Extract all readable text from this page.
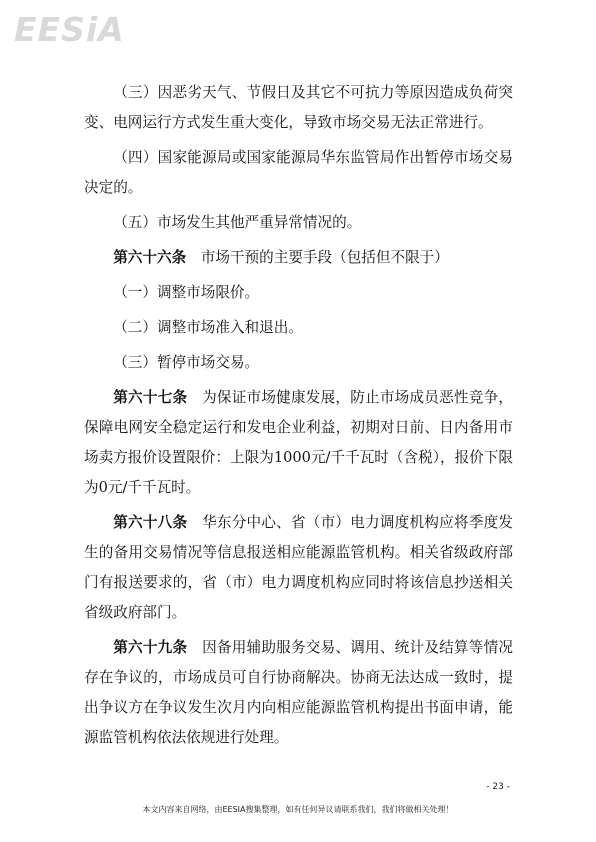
EESiA

（三）因恶劣天气、节假日及其它不可抗力等原因造成负荷突变、电网运行方式发生重大变化，导致市场交易无法正常进行。

（四）国家能源局或国家能源局华东监管局作出暂停市场交易决定的。

（五）市场发生其他严重异常情况的。

第六十六条　市场干预的主要手段（包括但不限于）

（一）调整市场限价。

（二）调整市场准入和退出。

（三）暂停市场交易。

第六十七条　为保证市场健康发展，防止市场成员恶性竞争，保障电网安全稳定运行和发电企业利益，初期对日前、日内备用市场卖方报价设置限价：上限为1000元/千千瓦时（含税），报价下限为0元/千千瓦时。

第六十八条　华东分中心、省（市）电力调度机构应将季度发生的备用交易情况等信息报送相应能源监管机构。相关省级政府部门有报送要求的，省（市）电力调度机构应同时将该信息抄送相关省级政府部门。

第六十九条　因备用辅助服务交易、调用、统计及结算等情况存在争议的，市场成员可自行协商解决。协商无法达成一致时，提出争议方在争议发生次月内向相应能源监管机构提出书面申请，能源监管机构依法依规进行处理。

- 23 -
本文内容来自网络，由EESIA搜集整理，如有任何异议请联系我们，我们将做相关处理！
